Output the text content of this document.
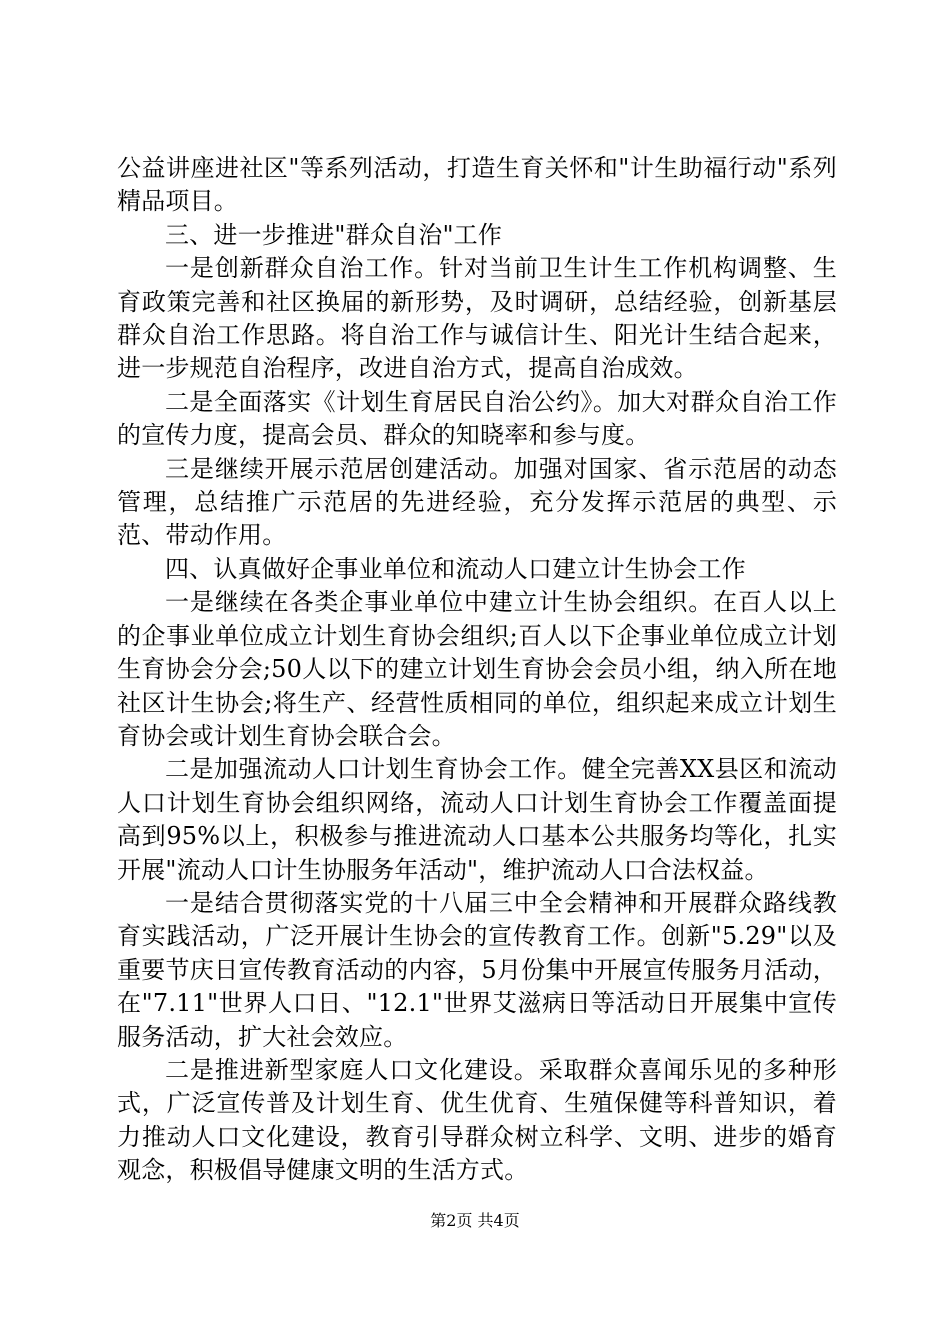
公益讲座进社区"等系列活动，打造生育关怀和"计生助福行动"系列精品项目。

三、进一步推进"群众自治"工作

一是创新群众自治工作。针对当前卫生计生工作机构调整、生育政策完善和社区换届的新形势，及时调研，总结经验，创新基层群众自治工作思路。将自治工作与诚信计生、阳光计生结合起来，进一步规范自治程序，改进自治方式，提高自治成效。

二是全面落实《计划生育居民自治公约》。加大对群众自治工作的宣传力度，提高会员、群众的知晓率和参与度。

三是继续开展示范居创建活动。加强对国家、省示范居的动态管理，总结推广示范居的先进经验，充分发挥示范居的典型、示范、带动作用。

四、认真做好企事业单位和流动人口建立计生协会工作

一是继续在各类企事业单位中建立计生协会组织。在百人以上的企事业单位成立计划生育协会组织;百人以下企事业单位成立计划生育协会分会;50人以下的建立计划生育协会会员小组，纳入所在地社区计生协会;将生产、经营性质相同的单位，组织起来成立计划生育协会或计划生育协会联合会。

二是加强流动人口计划生育协会工作。健全完善XX县区和流动人口计划生育协会组织网络，流动人口计划生育协会工作覆盖面提高到95%以上，积极参与推进流动人口基本公共服务均等化，扎实开展"流动人口计生协服务年活动"，维护流动人口合法权益。

一是结合贯彻落实党的十八届三中全会精神和开展群众路线教育实践活动，广泛开展计生协会的宣传教育工作。创新"5.29"以及重要节庆日宣传教育活动的内容，5月份集中开展宣传服务月活动，在"7.11"世界人口日、"12.1"世界艾滋病日等活动日开展集中宣传服务活动，扩大社会效应。

二是推进新型家庭人口文化建设。采取群众喜闻乐见的多种形式，广泛宣传普及计划生育、优生优育、生殖保健等科普知识，着力推动人口文化建设，教育引导群众树立科学、文明、进步的婚育观念，积极倡导健康文明的生活方式。

第2页 共4页
